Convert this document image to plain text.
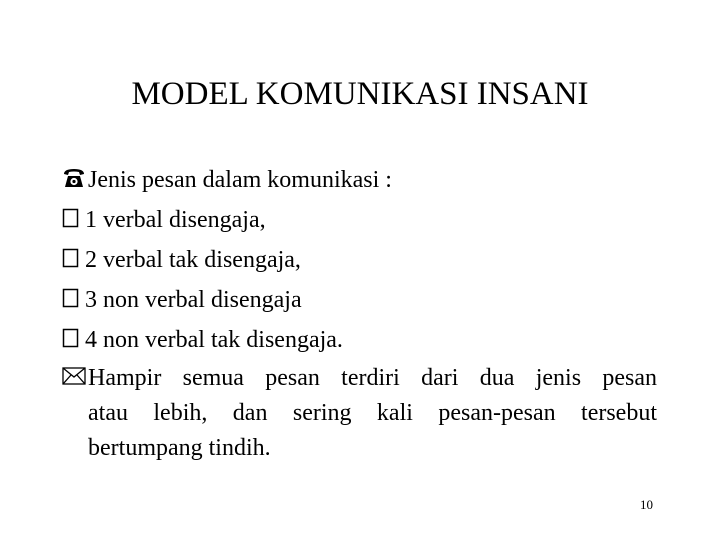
MODEL KOMUNIKASI INSANI
Jenis pesan dalam komunikasi :
1 verbal disengaja,
2 verbal tak disengaja,
3 non verbal disengaja
4 non verbal tak disengaja.
Hampir semua pesan terdiri dari dua jenis pesan
atau lebih, dan sering kali pesan-pesan tersebut
bertumpang tindih.
10
